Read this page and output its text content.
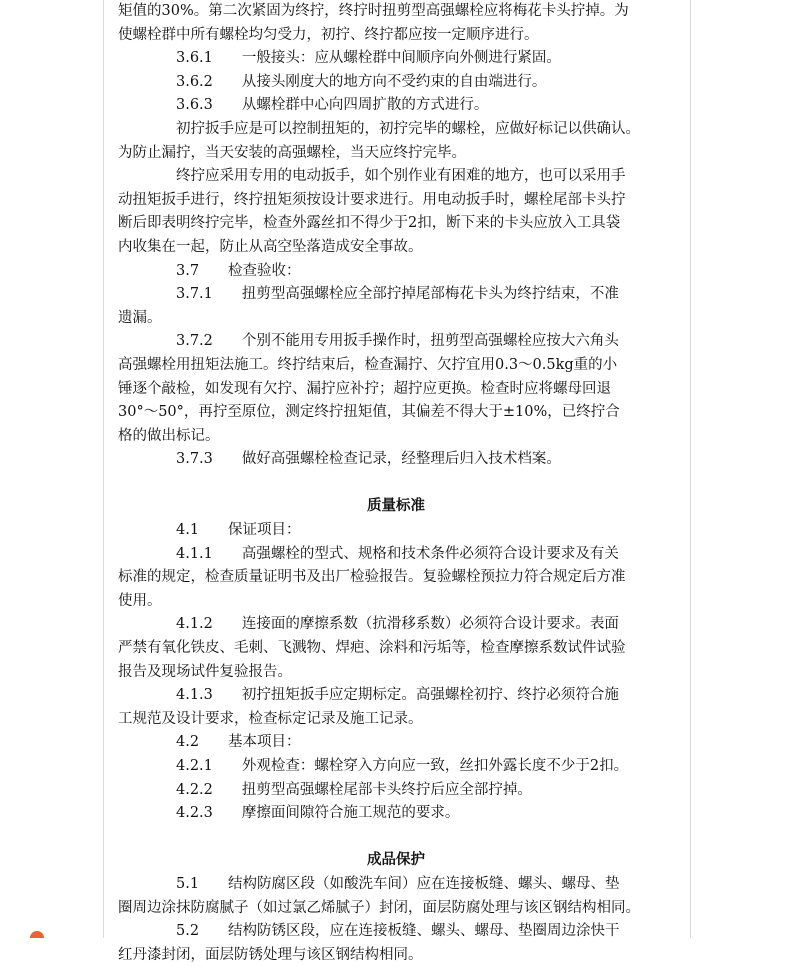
矩值的30%。第二次紧固为终拧，终拧时扭剪型高强螺栓应将梅花卡头拧掉。为

使螺栓群中所有螺栓均匀受力，初拧、终拧都应按一定顺序进行。

3.6.1　　一般接头：应从螺栓群中间顺序向外侧进行紧固。

3.6.2　　从接头刚度大的地方向不受约束的自由端进行。

3.6.3　　从螺栓群中心向四周扩散的方式进行。

初拧扳手应是可以控制扭矩的，初拧完毕的螺栓，应做好标记以供确认。

为防止漏拧，当天安装的高强螺栓，当天应终拧完毕。

终拧应采用专用的电动扳手，如个别作业有困难的地方，也可以采用手

动扭矩扳手进行，终拧扭矩须按设计要求进行。用电动扳手时，螺栓尾部卡头拧

断后即表明终拧完毕，检查外露丝扣不得少于2扣，断下来的卡头应放入工具袋

内收集在一起，防止从高空坠落造成安全事故。

3.7　　检查验收：

3.7.1　　扭剪型高强螺栓应全部拧掉尾部梅花卡头为终拧结束，不准

遗漏。

3.7.2　　个别不能用专用扳手操作时，扭剪型高强螺栓应按大六角头

高强螺栓用扭矩法施工。终拧结束后，检查漏拧、欠拧宜用0.3～0.5kg重的小

锤逐个敲检，如发现有欠拧、漏拧应补拧；超拧应更换。检查时应将螺母回退

30°～50°，再拧至原位，测定终拧扭矩值，其偏差不得大于±10%，已终拧合

格的做出标记。

3.7.3　　做好高强螺栓检查记录，经整理后归入技术档案。

质量标准

4.1　　保证项目：

4.1.1　　高强螺栓的型式、规格和技术条件必须符合设计要求及有关

标准的规定，检查质量证明书及出厂检验报告。复验螺栓预拉力符合规定后方准

使用。

4.1.2　　连接面的摩擦系数（抗滑移系数）必须符合设计要求。表面

严禁有氧化铁皮、毛刺、飞溅物、焊疤、涂料和污垢等，检查摩擦系数试件试验

报告及现场试件复验报告。

4.1.3　　初拧扭矩扳手应定期标定。高强螺栓初拧、终拧必须符合施

工规范及设计要求，检查标定记录及施工记录。

4.2　　基本项目：

4.2.1　　外观检查：螺栓穿入方向应一致，丝扣外露长度不少于2扣。

4.2.2　　扭剪型高强螺栓尾部卡头终拧后应全部拧掉。

4.2.3　　摩擦面间隙符合施工规范的要求。

成品保护

5.1　　结构防腐区段（如酸洗车间）应在连接板缝、螺头、螺母、垫

圈周边涂抹防腐腻子（如过氯乙烯腻子）封闭，面层防腐处理与该区钢结构相同。

5.2　　结构防锈区段，应在连接板缝、螺头、螺母、垫圈周边涂快干

红丹漆封闭，面层防锈处理与该区钢结构相同。
